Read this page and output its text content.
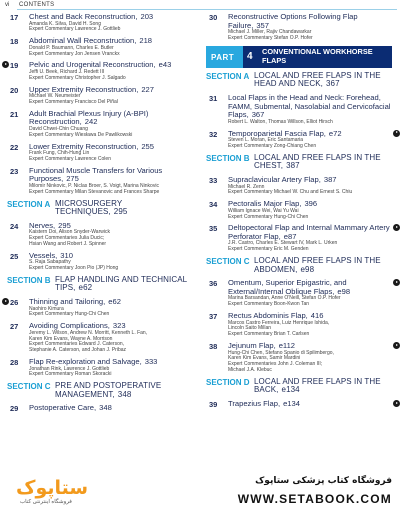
vi CONTENTS
17 Chest and Back Reconstruction, 203
Amanda K. Silva, David H. Song
Expert Commentary Lawrence J. Gottlieb
18 Abdominal Wall Reconstruction, 218
Donald P. Baumann, Charles E. Butler
Expert Commentary Jon Jensen Vranckx
19 Pelvic and Urogenital Reconstruction, e43
Jeffi U. Beek, Richard J. Redett III
Expert Commentary Christopher J. Salgado
20 Upper Extremity Reconstruction, 227
Michael W. Neumeister
Expert Commentary Francisco Del Piñal
21 Adult Brachial Plexus Injury (A-BPI) Reconstruction, 242
David Chwei-Chin Chuang
Expert Commentary Wiesława De Pawlikowski
22 Lower Extremity Reconstruction, 255
Frank Fung, Chih-Hung Lin
Expert Commentary Lawrence Colen
23 Functional Muscle Transfers for Various Purposes, 275
Milomir Ninkovic, P. Niclas Broer, S. Voigt, Marina Ninkovic
Expert Commentary Milan Stevanovic and Frances Sharpe
SECTION A MICROSURGERY TECHNIQUES, 295
24 Nerves, 295
Kaistern Doi, Alison Snyder-Warwick
Expert Commentaries Julia Ducic;
Hsian Wang and Robert J. Spinner
25 Vessels, 310
S. Raja Sabapathy
Expert Commentary Joon Pio (JP) Hong
SECTION B FLAP HANDLING AND TECHNICAL TIPS, e62
26 Thinning and Tailoring, e62
Naohiro Kimura
Expert Commentary Hung-Chi Chen
27 Avoiding Complications, 323
Jeremy L. Wilson, Andrew N. Morritt, Kenneth L. Fan,
Karen Kim Evans, Wayne A. Morrison
Expert Commentaries Edward J. Caterson,
Stephanie A. Caterson, and Johan J. Pribaz
28 Flap Re-exploration and Salvage, 333
Jonathan Rink, Lawrence J. Gottlieb
Expert Commentary Roman Skoracki
SECTION C PRE AND POSTOPERATIVE MANAGEMENT, 348
29 Postoperative Care, 348
30 Reconstructive Options Following Flap Failure, 357
Michael J. Miller, Rajiv Chandawarkar
Expert Commentary Stefan O.P. Hofer
PART	4	CONVENTIONAL WORKHORSE FLAPS
SECTION A LOCAL AND FREE FLAPS IN THE HEAD AND NECK, 367
31 Local Flaps in the Head and Neck: Forehead, FAMM, Submental, Nasolabial and Cervicofacial Flaps, 367
Robert L. Walton, Thomas Willson, Elliot Hirsch
32 Temporoparietal Fascia Flap, e72
Steven L. Moran, Eric Santamaria
Expert Commentary Zong-Chiang Chen
SECTION B LOCAL AND FREE FLAPS IN THE CHEST, 387
33 Supraclavicular Artery Flap, 387
Michael R. Zenn
Expert Commentary Michael W. Chu and Ernest S. Chiu
34 Pectoralis Major Flap, 396
William Ignace Wei, Wai Yu Wai
Expert Commentary Hung-Chi Chen
35 Deltopectoral Flap and Internal Mammary Artery Perforator Flap, e87
J.R. Castro, Charles E. Stewart IV, Mark L. Urken
Expert Commentary Eric M. Genden
SECTION C LOCAL AND FREE FLAPS IN THE ABDOMEN, e98
36 Omentum, Superior Epigastric, and External/Internal Oblique Flaps, e98
Marina Barsandan, Anne O'Neill, Stefan O.P. Hofer
Expert Commentary Boon-Kwon Tan
37 Rectus Abdominis Flap, 416
Marcos Castro Ferreira, Luiz Henrique Ishida,
Lincoln Saito Millan
Expert Commentary Brian T. Carlsen
38 Jejunum Flap, e112
Hung-Chi Chen, Stefano Spanio di Spilimbergo,
Karen Kim Evans, Samir Mardini
Expert Commentaries John J. Coleman III;
Michael J.A. Klebuc
SECTION D LOCAL AND FREE FLAPS IN THE BACK, e134
39 Trapezius Flap, e134
ستاپوک
فروشگاه اینترنتی کتاب
فروشگاه کتاب پزشکی ستاپوک
WWW.SETABOOK.COM
